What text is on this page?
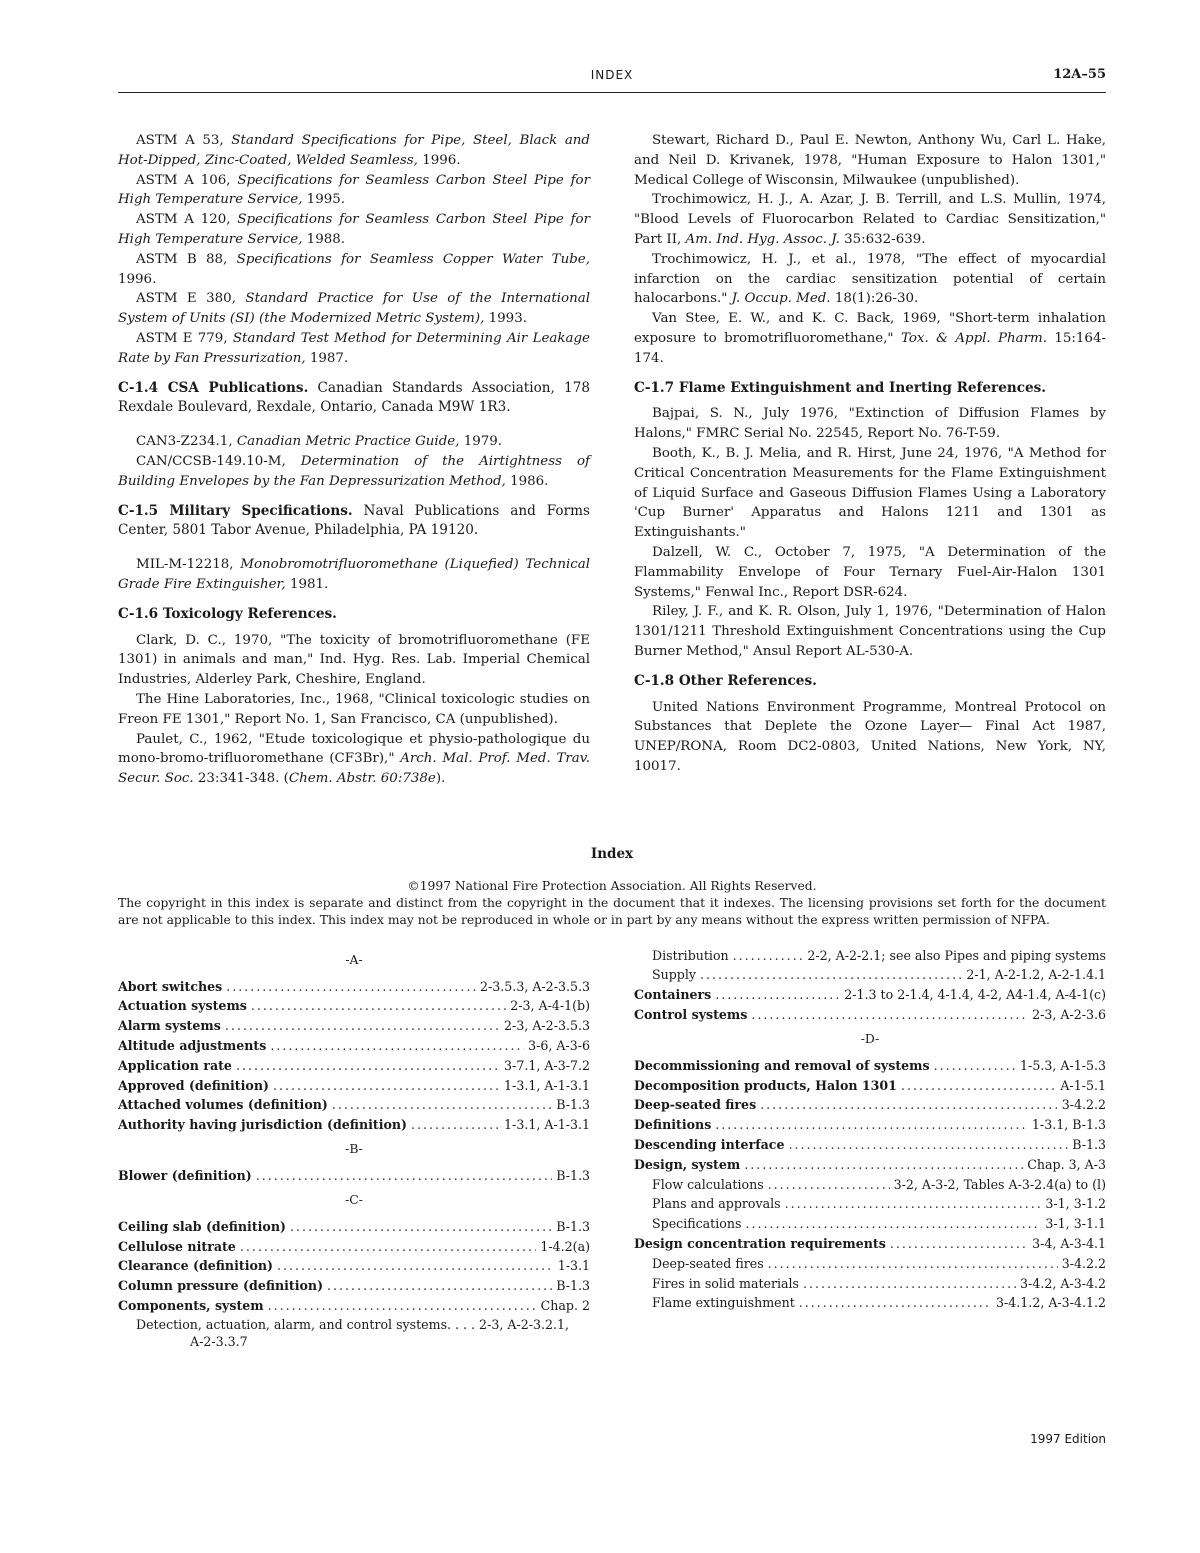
INDEX	12A–55

ASTM A 53, Standard Specifications for Pipe, Steel, Black and Hot-Dipped, Zinc-Coated, Welded Seamless, 1996.

ASTM A 106, Specifications for Seamless Carbon Steel Pipe for High Temperature Service, 1995.

ASTM A 120, Specifications for Seamless Carbon Steel Pipe for High Temperature Service, 1988.

ASTM B 88, Specifications for Seamless Copper Water Tube, 1996.

ASTM E 380, Standard Practice for Use of the International System of Units (SI) (the Modernized Metric System), 1993.

ASTM E 779, Standard Test Method for Determining Air Leakage Rate by Fan Pressurization, 1987.

C-1.4 CSA Publications. Canadian Standards Association, 178 Rexdale Boulevard, Rexdale, Ontario, Canada M9W 1R3.

CAN3-Z234.1, Canadian Metric Practice Guide, 1979.

CAN/CCSB-149.10-M, Determination of the Airtightness of Building Envelopes by the Fan Depressurization Method, 1986.

C-1.5 Military Specifications. Naval Publications and Forms Center, 5801 Tabor Avenue, Philadelphia, PA 19120.

MIL-M-12218, Monobromotrifluoromethane (Liquefied) Technical Grade Fire Extinguisher, 1981.

C-1.6 Toxicology References.

Clark, D. C., 1970, "The toxicity of bromotrifluoromethane (FE 1301) in animals and man," Ind. Hyg. Res. Lab. Imperial Chemical Industries, Alderley Park, Cheshire, England.

The Hine Laboratories, Inc., 1968, "Clinical toxicologic studies on Freon FE 1301," Report No. 1, San Francisco, CA (unpublished).

Paulet, C., 1962, "Etude toxicologique et physio-pathologique du mono-bromo-trifluoromethane (CF3Br)," Arch. Mal. Prof. Med. Trav. Secur. Soc. 23:341-348. (Chem. Abstr. 60:738e).

Stewart, Richard D., Paul E. Newton, Anthony Wu, Carl L. Hake, and Neil D. Krivanek, 1978, "Human Exposure to Halon 1301," Medical College of Wisconsin, Milwaukee (unpublished).

Trochimowicz, H. J., A. Azar, J. B. Terrill, and L.S. Mullin, 1974, "Blood Levels of Fluorocarbon Related to Cardiac Sensitization," Part II, Am. Ind. Hyg. Assoc. J. 35:632-639.

Trochimowicz, H. J., et al., 1978, "The effect of myocardial infarction on the cardiac sensitization potential of certain halocarbons." J. Occup. Med. 18(1):26-30.

Van Stee, E. W., and K. C. Back, 1969, "Short-term inhalation exposure to bromotrifluoromethane," Tox. & Appl. Pharm. 15:164-174.

C-1.7 Flame Extinguishment and Inerting References.

Bajpai, S. N., July 1976, "Extinction of Diffusion Flames by Halons," FMRC Serial No. 22545, Report No. 76-T-59.

Booth, K., B. J. Melia, and R. Hirst, June 24, 1976, "A Method for Critical Concentration Measurements for the Flame Extinguishment of Liquid Surface and Gaseous Diffusion Flames Using a Laboratory 'Cup Burner' Apparatus and Halons 1211 and 1301 as Extinguishants."

Dalzell, W. C., October 7, 1975, "A Determination of the Flammability Envelope of Four Ternary Fuel-Air-Halon 1301 Systems," Fenwal Inc., Report DSR-624.

Riley, J. F., and K. R. Olson, July 1, 1976, "Determination of Halon 1301/1211 Threshold Extinguishment Concentrations using the Cup Burner Method," Ansul Report AL-530-A.

C-1.8 Other References.

United Nations Environment Programme, Montreal Protocol on Substances that Deplete the Ozone Layer— Final Act 1987, UNEP/RONA, Room DC2-0803, United Nations, New York, NY, 10017.

Index

©1997 National Fire Protection Association. All Rights Reserved.

The copyright in this index is separate and distinct from the copyright in the document that it indexes. The licensing provisions set forth for the document are not applicable to this index. This index may not be reproduced in whole or in part by any means without the express written permission of NFPA.

-A-
Abort switches .....	2-3.5.3, A-2-3.5.3
Actuation systems .....	2-3, A-4-1(b)
Alarm systems .....	2-3, A-2-3.5.3
Altitude adjustments .....	3-6, A-3-6
Application rate .....	3-7.1, A-3-7.2
Approved (definition) .....	1-3.1, A-1-3.1
Attached volumes (definition) .....	B-1.3
Authority having jurisdiction (definition) .....	1-3.1, A-1-3.1
-B-
Blower (definition) .....	B-1.3
-C-
Ceiling slab (definition) .....	B-1.3
Cellulose nitrate .....	1-4.2(a)
Clearance (definition) .....	1-3.1
Column pressure (definition) .....	B-1.3
Components, system .....	Chap. 2
Detection, actuation, alarm, and control systems. . . . 2-3, A-2-3.2.1,
A-2-3.3.7
Distribution .....	2-2, A-2-2.1; see also Pipes and piping systems
Supply .....	2-1, A-2-1.2, A-2-1.4.1
Containers .....	2-1.3 to 2-1.4, 4-1.4, 4-2, A4-1.4, A-4-1(c)
Control systems .....	2-3, A-2-3.6
-D-
Decommissioning and removal of systems .....	1-5.3, A-1-5.3
Decomposition products, Halon 1301 .....	A-1-5.1
Deep-seated fires .....	3-4.2.2
Definitions .....	1-3.1, B-1.3
Descending interface .....	B-1.3
Design, system .....	Chap. 3, A-3
Flow calculations .....	3-2, A-3-2, Tables A-3-2.4(a) to (l)
Plans and approvals .....	3-1, 3-1.2
Specifications .....	3-1, 3-1.1
Design concentration requirements .....	3-4, A-3-4.1
Deep-seated fires .....	3-4.2.2
Fires in solid materials .....	3-4.2, A-3-4.2
Flame extinguishment .....	3-4.1.2, A-3-4.1.2
1997 Edition
